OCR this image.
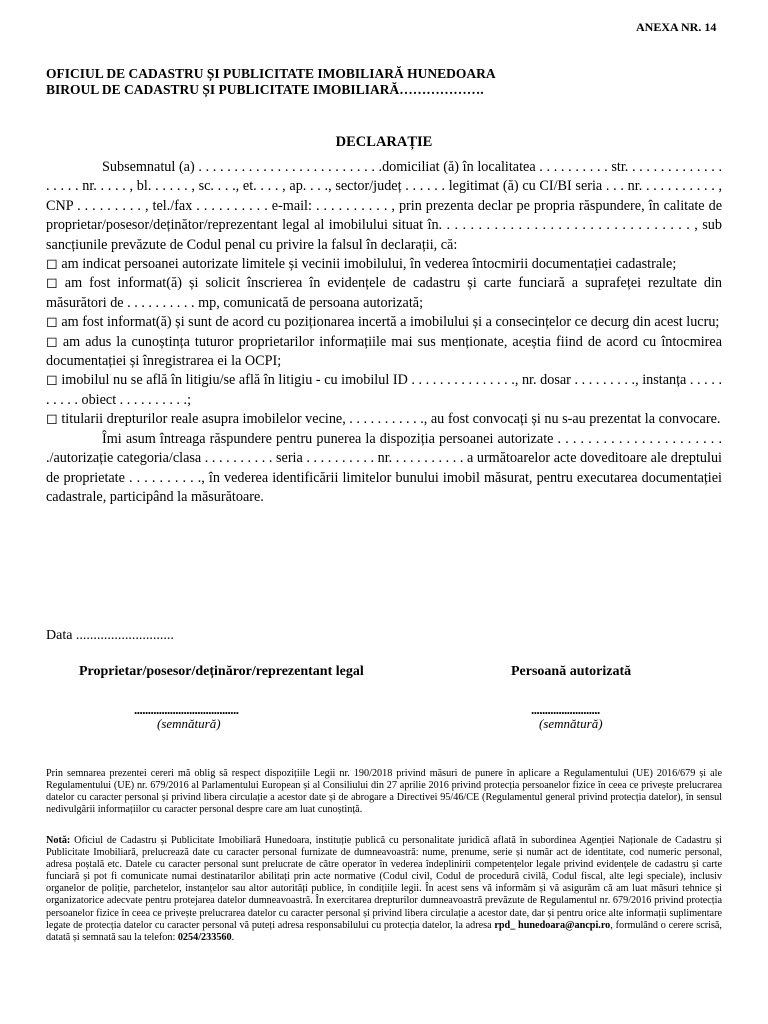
ANEXA NR. 14

OFICIUL DE CADASTRU ȘI PUBLICITATE IMOBILIARĂ HUNEDOARA

BIROUL DE CADASTRU ȘI PUBLICITATE IMOBILIARĂ……………….

DECLARAȚIE

Subsemnatul (a) . . . . . . . . . . . . . . . . . . . . . . . . . .domiciliat (ă) în localitatea . . . . . . . . . . str. . . . . . . . . . . . . . . . . . . nr. . . . . , bl. . . . . . , sc. . . ., et. . . . , ap. . . ., sector/județ . . . . . . legitimat (ă) cu CI/BI seria . . . nr. . . . . . . . . . . , CNP . . . . . . . . . , tel./fax . . . . . . . . . . e-mail: . . . . . . . . . . , prin prezenta declar pe propria răspundere, în calitate de proprietar/posesor/deținător/reprezentant legal al imobilului situat în. . . . . . . . . . . . . . . . . . . . . . . . . . . . . . . . , sub sancțiunile prevăzute de Codul penal cu privire la falsul în declarații, că:

◻ am indicat persoanei autorizate limitele și vecinii imobilului, în vederea întocmirii documentației cadastrale;

◻ am fost informat(ă) și solicit înscrierea în evidențele de cadastru și carte funciară a suprafeței rezultate din măsurători de . . . . . . . . . . mp, comunicată de persoana autorizată;

◻ am fost informat(ă) și sunt de acord cu poziționarea incertă a imobilului și a consecințelor ce decurg din acest lucru;

◻ am adus la cunoștința tuturor proprietarilor informațiile mai sus menționate, aceștia fiind de acord cu întocmirea documentației și înregistrarea ei la OCPI;

◻ imobilul nu se află în litigiu/se află în litigiu - cu imobilul ID . . . . . . . . . . . . . . ., nr. dosar . . . . . . . . ., instanța . . . . . . . . . . obiect . . . . . . . . . .;

◻ titularii drepturilor reale asupra imobilelor vecine, . . . . . . . . . . ., au fost convocați și nu s-au prezentat la convocare.

Îmi asum întreaga răspundere pentru punerea la dispoziția persoanei autorizate . . . . . . . . . . . . . . . . . . . . . . ./autorizație categoria/clasa . . . . . . . . . . seria . . . . . . . . . . nr. . . . . . . . . . . a următoarelor acte doveditoare ale dreptului de proprietate . . . . . . . . . ., în vederea identificării limitelor bunului imobil măsurat, pentru executarea documentației cadastrale, participând la măsurătoare.

Data ............................

Proprietar/posesor/deținăror/reprezentant legal

......................................

(semnătură)

Persoană autorizată

.........................

(semnătură)

Prin semnarea prezentei cereri mă oblig să respect dispozițiile Legii nr. 190/2018 privind măsuri de punere în aplicare a Regulamentului (UE) 2016/679 și ale Regulamentului (UE) nr. 679/2016 al Parlamentului European și al Consiliului din 27 aprilie 2016 privind protecția persoanelor fizice în ceea ce privește prelucrarea datelor cu caracter personal și privind libera circulație a acestor date și de abrogare a Directivei 95/46/CE (Regulamentul general privind protecția datelor), în sensul nedivulgării informațiilor cu caracter personal despre care am luat cunoștință.

Notă: Oficiul de Cadastru și Publicitate Imobiliară Hunedoara, instituție publică cu personalitate juridică aflată în subordinea Agenției Naționale de Cadastru și Publicitate Imobiliară, prelucrează date cu caracter personal furnizate de dumneavoastră: nume, prenume, serie și număr act de identitate, cod numeric personal, adresa poștală etc. Datele cu caracter personal sunt prelucrate de către operator în vederea îndeplinirii competențelor legale privind evidențele de cadastru și carte funciară și pot fi comunicate numai destinatarilor abilitați prin acte normative (Codul civil, Codul de procedură civilă, Codul fiscal, alte legi speciale), inclusiv organelor de poliție, parchetelor, instanțelor sau altor autorități publice, în condițiile legii. În acest sens vă informăm și vă asigurăm că am luat măsuri tehnice și organizatorice adecvate pentru protejarea datelor dumneavoastră. În exercitarea drepturilor dumneavoastră prevăzute de Regulamentul nr. 679/2016 privind protecția persoanelor fizice în ceea ce privește prelucrarea datelor cu caracter personal și privind libera circulație a acestor date, dar și pentru orice alte informații suplimentare legate de protecția datelor cu caracter personal vă puteți adresa responsabilului cu protecția datelor, la adresa rpd_ hunedoara@ancpi.ro, formulând o cerere scrisă, datată și semnată sau la telefon: 0254/233560.
